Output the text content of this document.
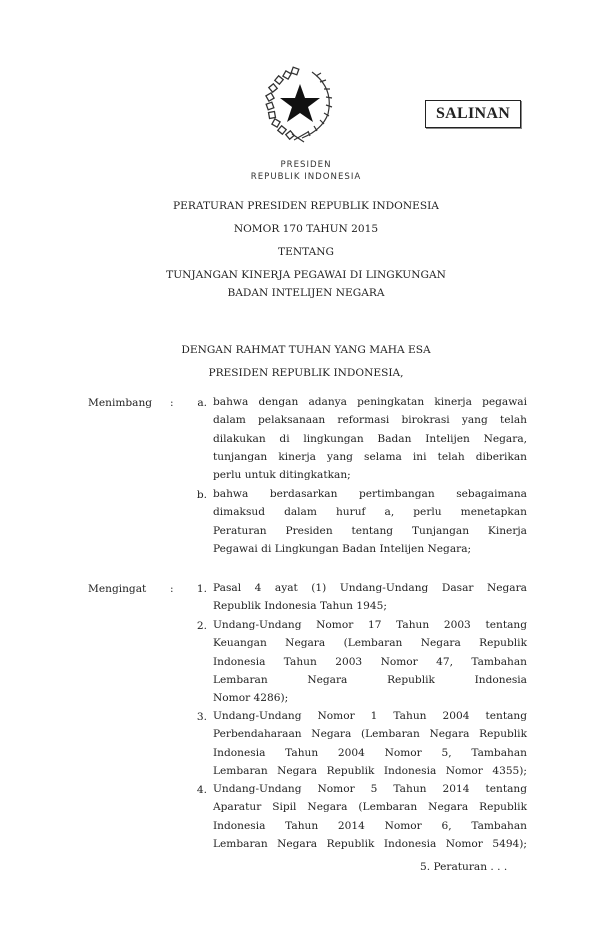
SALINAN
PRESIDEN
REPUBLIK INDONESIA
PERATURAN PRESIDEN REPUBLIK INDONESIA
NOMOR 170 TAHUN 2015
TENTANG
TUNJANGAN KINERJA PEGAWAI DI LINGKUNGAN
BADAN INTELIJEN NEGARA
DENGAN RAHMAT TUHAN YANG MAHA ESA
PRESIDEN REPUBLIK INDONESIA,
Menimbang :	a. bahwa dengan adanya peningkatan kinerja pegawai
dalam pelaksanaan reformasi birokrasi yang telah
dilakukan di lingkungan Badan Intelijen Negara,
tunjangan kinerja yang selama ini telah diberikan
perlu untuk ditingkatkan;
b. bahwa berdasarkan pertimbangan sebagaimana
dimaksud dalam huruf a, perlu menetapkan
Peraturan Presiden tentang Tunjangan Kinerja
Pegawai di Lingkungan Badan Intelijen Negara;
Mengingat :	1. Pasal 4 ayat (1) Undang-Undang Dasar Negara
Republik Indonesia Tahun 1945;
2. Undang-Undang Nomor 17 Tahun 2003 tentang
Keuangan Negara (Lembaran Negara Republik
Indonesia Tahun 2003 Nomor 47, Tambahan
Lembaran Negara Republik Indonesia
Nomor 4286);
3. Undang-Undang Nomor 1 Tahun 2004 tentang
Perbendaharaan Negara (Lembaran Negara Republik
Indonesia Tahun 2004 Nomor 5, Tambahan
Lembaran Negara Republik Indonesia Nomor 4355);
4. Undang-Undang Nomor 5 Tahun 2014 tentang
Aparatur Sipil Negara (Lembaran Negara Republik
Indonesia Tahun 2014 Nomor 6, Tambahan
Lembaran Negara Republik Indonesia Nomor 5494);
5. Peraturan . . .
